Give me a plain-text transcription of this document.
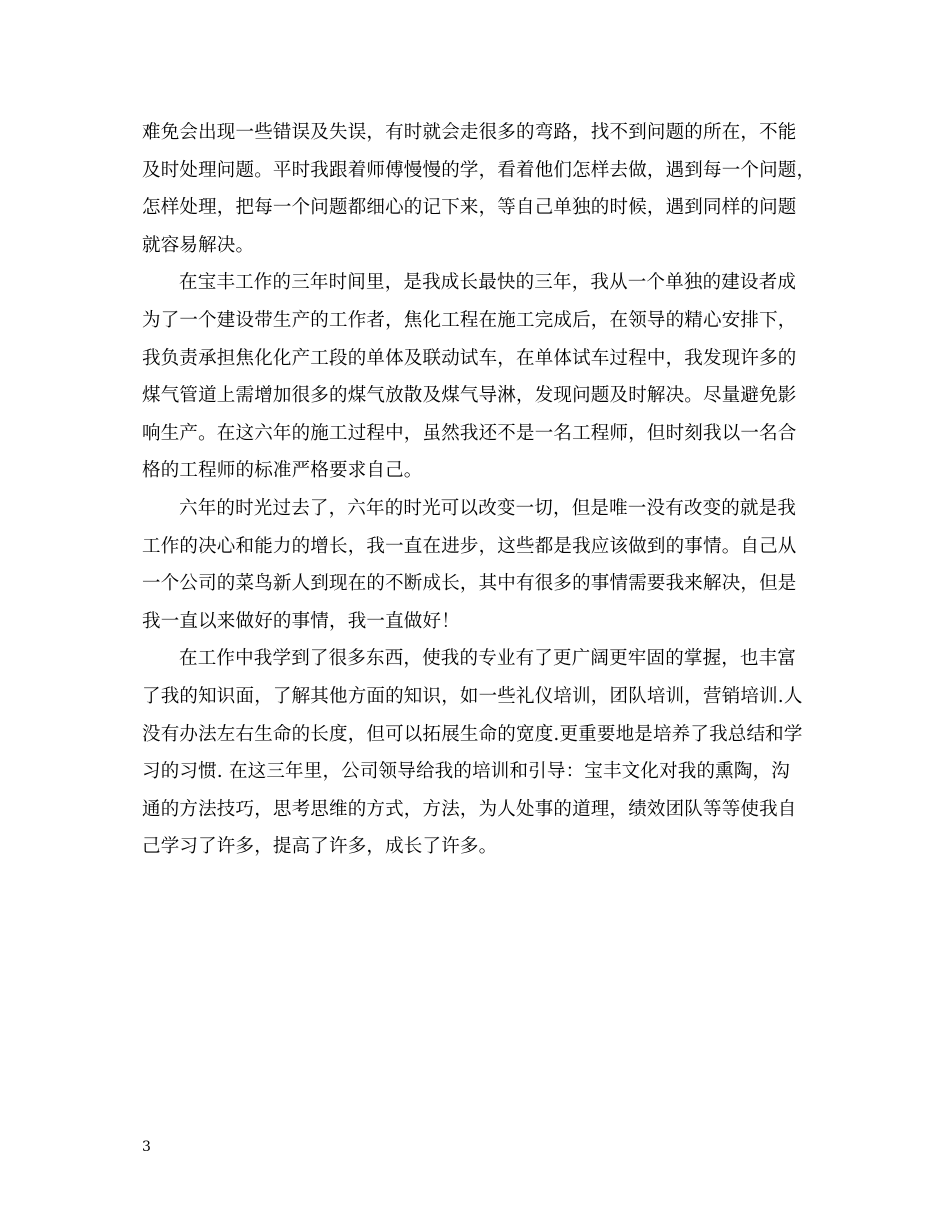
难免会出现一些错误及失误，有时就会走很多的弯路，找不到问题的所在，不能
及时处理问题。平时我跟着师傅慢慢的学，看着他们怎样去做，遇到每一个问题，
怎样处理，把每一个问题都细心的记下来，等自己单独的时候，遇到同样的问题
就容易解决。
在宝丰工作的三年时间里，是我成长最快的三年，我从一个单独的建设者成
为了一个建设带生产的工作者，焦化工程在施工完成后，在领导的精心安排下，
我负责承担焦化化产工段的单体及联动试车，在单体试车过程中，我发现许多的
煤气管道上需增加很多的煤气放散及煤气导淋，发现问题及时解决。尽量避免影
响生产。在这六年的施工过程中，虽然我还不是一名工程师，但时刻我以一名合
格的工程师的标准严格要求自己。
六年的时光过去了，六年的时光可以改变一切，但是唯一没有改变的就是我
工作的决心和能力的增长，我一直在进步，这些都是我应该做到的事情。自己从
一个公司的菜鸟新人到现在的不断成长，其中有很多的事情需要我来解决，但是
我一直以来做好的事情，我一直做好！
在工作中我学到了很多东西，使我的专业有了更广阔更牢固的掌握，也丰富
了我的知识面，了解其他方面的知识，如一些礼仪培训，团队培训，营销培训.人
没有办法左右生命的长度，但可以拓展生命的宽度.更重要地是培养了我总结和学
习的习惯. 在这三年里，公司领导给我的培训和引导：宝丰文化对我的熏陶，沟
通的方法技巧，思考思维的方式，方法，为人处事的道理，绩效团队等等使我自
己学习了许多，提高了许多，成长了许多。
3
